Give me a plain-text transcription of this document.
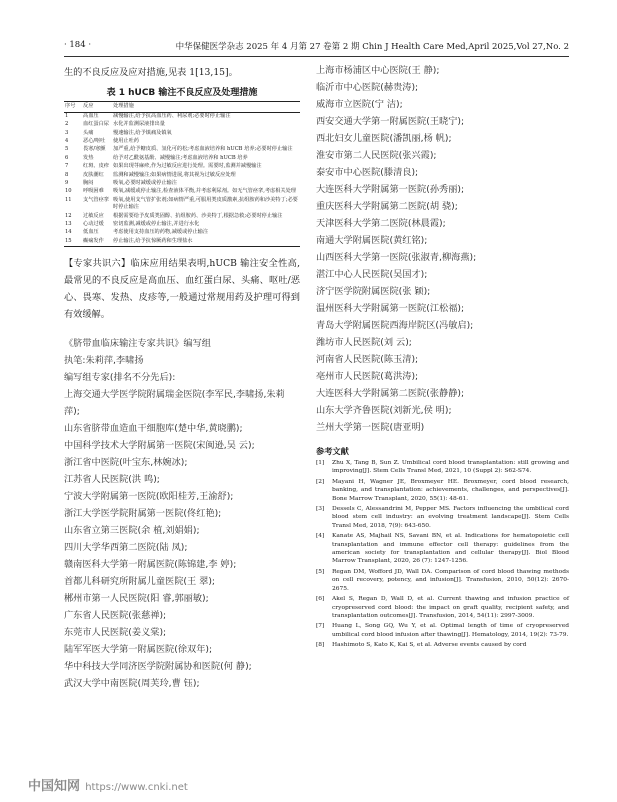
· 184 ·	中华保健医学杂志 2025 年 4 月第 27 卷第 2 期 Chin J Health Care Med,April 2025,Vol 27,No. 2

生的不良反应及应对措施,见表 1[13,15]。

表 1 hUCB 输注不良反应及处理措施
序号	反应	处理措施
1	高血压	减慢输注,给予抗高血压药、利尿剂;必要时停止输注
2	血红蛋白尿	水化并监测尿液排出量
3	头痛	慢速输注,给予镇痛及镇氧
4	恶心/呕吐	使用止吐药
5	畏寒/寒颤	加严重,给予糖皮质、氢化可的松;考虑血液培养和 hUCB 培养;必要时停止输注
6	发热	给予对乙酰氨基酚、减慢输注;考虑血液培养和 hUCB 培养
7	红斑、皮疹	如果出现荨麻疹,作为过敏反应进行处理。需要时,监测并减慢输注
8	皮肤潮红	监测和减慢输注;如果病情进展,将其视为过敏反应处理
9	胸闷	吸氧,必要时减缓或停止输注
10	呼吸困难	吸氧,减缓或停止输注,检查液体平衡,并考虑利尿剂。如无气管痉挛,考虑相关处理
11	支气管痉挛	吸氧,使用支气管扩张剂;如病情严重,可服用类皮质激素,抗组胺药和沙美特丁;必要时停止输注
12	过敏反应	根据需要给予皮质类固醇、抗组胺药、沙美特丁,根据急救;必要时停止输注
13	心动过缓	密切监测,减缓或停止输注,并进行水化
14	低血压	考虑使用支持血压的药物,减缓或停止输注
15	癫痫发作	停止输注,给予抗惊厥药和生理盐水

【专家共识六】临床应用结果表明,hUCB 输注安全性高,最常见的不良反应是高血压、血红蛋白尿、头痛、呕吐/恶心、畏寒、发热、皮疹等,一般通过常规用药及护理可得到有效缓解。

《脐带血临床输注专家共识》编写组

执笔:朱莉萍,李啸扬

编写组专家(排名不分先后):

上海交通大学医学院附属瑞金医院(李军民,李啸扬,朱莉萍);

山东省脐带血造血干细胞库(楚中华,黄晓鹏);

中国科学技术大学附属第一医院(宋闽逊,吴 云);

浙江省中医院(叶宝东,林婉冰);

江苏省人民医院(洪 鸣);

宁波大学附属第一医院(欧阳桂芳,王渝舒);

浙江大学医学院附属第一医院(佟红艳);

山东省立第三医院(余 植,刘娟娟);

四川大学华西第二医院(陆 凤);

赣南医科大学第一附属医院(陈锦建,李 婷);

首都儿科研究所附属儿童医院(王 翠);

郴州市第一人民医院(阳 睿,郭丽敏);

广东省人民医院(张慈禅);

东莞市人民医院(姜义棠);

陆军军医大学第一附属医院(徐双年);

华中科技大学同济医学院附属协和医院(何 静);

武汉大学中南医院(周芙玲,曹 钰);

上海市杨浦区中心医院(王 静);

临沂市中心医院(赫贵涛);

威海市立医院(宁 洁);

西安交通大学第一附属医院(王晓宁);

西北妇女儿童医院(潘凯丽,杨 帆);

淮安市第二人民医院(张兴霞);

泰安市中心医院(滕清良);

大连医科大学附属第一医院(孙秀丽);

重庆医科大学附属第二医院(胡 骁);

天津医科大学第二医院(林晨霞);

南通大学附属医院(黄红铭);

山西医科大学第一医院(张淑青,柳海燕);

湛江中心人民医院(吴国才);

济宁医学院附属医院(张 颖);

温州医科大学附属第一医院(江松福);

青岛大学附属医院西海岸院区(冯敏启);

潍坊市人民医院(刘 云);

河南省人民医院(陈玉清);

亳州市人民医院(葛洪涛);

大连医科大学附属第二医院(张静静);

山东大学齐鲁医院(刘新光,侯 明);

兰州大学第一医院(唐亚明)

参考文献
[1]	Zhu X, Tang B, Sun Z. Umbilical cord blood transplantation: still growing and improving[J]. Stem Cells Transl Med, 2021, 10 (Suppl 2): S62-S74.
[2]	Mayani H, Wagner JE, Broxmeyer HE. Broxmeyer, cord blood research, banking, and transplantation: achievements, challenges, and perspectives[J]. Bone Marrow Transplant, 2020, 55(1): 48-61.
[3]	Dessels C, Alessandrini M, Pepper MS. Factors influencing the umbilical cord blood stem cell industry: an evolving treatment landscape[J]. Stem Cells Transl Med, 2018, 7(9): 643-650.
[4]	Kanate AS, Majhail NS, Savani BN, et al. Indications for hematopoietic cell transplantation and immune effector cell therapy: guidelines from the american society for transplantation and cellular therapy[J]. Biol Blood Marrow Transplant, 2020, 26 (7): 1247-1256.
[5]	Regan DM, Wofford JD, Wall DA. Comparison of cord blood thawing methods on cell recovery, potency, and infusion[J]. Transfusion, 2010, 50(12): 2670-2675.
[6]	Akel S, Regan D, Wall D, et al. Current thawing and infusion practice of cryopreserved cord blood: the impact on graft quality, recipient safety, and transplantation outcomes[J]. Transfusion, 2014, 54(11): 2997-3009.
[7]	Huang L, Song GQ, Wu Y, et al. Optimal length of time of cryopreserved umbilical cord blood infusion after thawing[J]. Hematology, 2014, 19(2): 73-79.
[8]	Hashimoto S, Kato K, Kai S, et al. Adverse events caused by cord
中国知网 https://www.cnki.net
